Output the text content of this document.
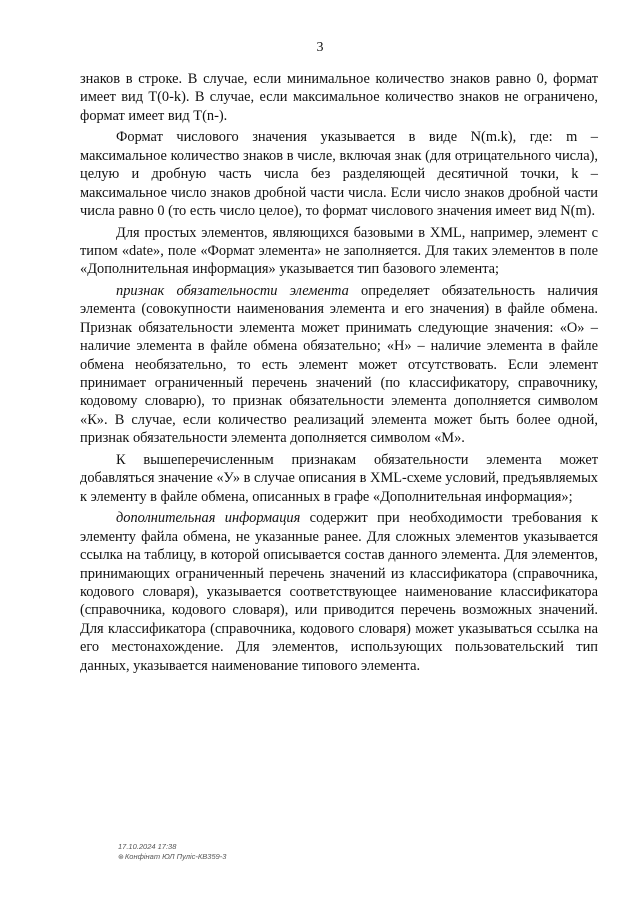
3

знаков в строке. В случае, если минимальное количество знаков равно 0, формат имеет вид T(0-k). В случае, если максимальное количество знаков не ограничено, формат имеет вид T(n-).

Формат числового значения указывается в виде N(m.k), где: m – максимальное количество знаков в числе, включая знак (для отрицательного числа), целую и дробную часть числа без разделяющей десятичной точки, k – максимальное число знаков дробной части числа. Если число знаков дробной части числа равно 0 (то есть число целое), то формат числового значения имеет вид N(m).

Для простых элементов, являющихся базовыми в XML, например, элемент с типом «date», поле «Формат элемента» не заполняется. Для таких элементов в поле «Дополнительная информация» указывается тип базового элемента;

признак обязательности элемента определяет обязательность наличия элемента (совокупности наименования элемента и его значения) в файле обмена. Признак обязательности элемента может принимать следующие значения: «О» – наличие элемента в файле обмена обязательно; «Н» – наличие элемента в файле обмена необязательно, то есть элемент может отсутствовать. Если элемент принимает ограниченный перечень значений (по классификатору, справочнику, кодовому словарю), то признак обязательности элемента дополняется символом «К». В случае, если количество реализаций элемента может быть более одной, признак обязательности элемента дополняется символом «М».

К вышеперечисленным признакам обязательности элемента может добавляться значение «У» в случае описания в XML-схеме условий, предъявляемых к элементу в файле обмена, описанных в графе «Дополнительная информация»;

дополнительная информация содержит при необходимости требования к элементу файла обмена, не указанные ранее. Для сложных элементов указывается ссылка на таблицу, в которой описывается состав данного элемента. Для элементов, принимающих ограниченный перечень значений из классификатора (справочника, кодового словаря), указывается соответствующее наименование классификатора (справочника, кодового словаря), или приводится перечень возможных значений. Для классификатора (справочника, кодового словаря) может указываться ссылка на его местонахождение. Для элементов, использующих пользовательский тип данных, указывается наименование типового элемента.

17.10.2024 17:38
⊛Конфінат ЮЛ Пуліс-КВ359-3
